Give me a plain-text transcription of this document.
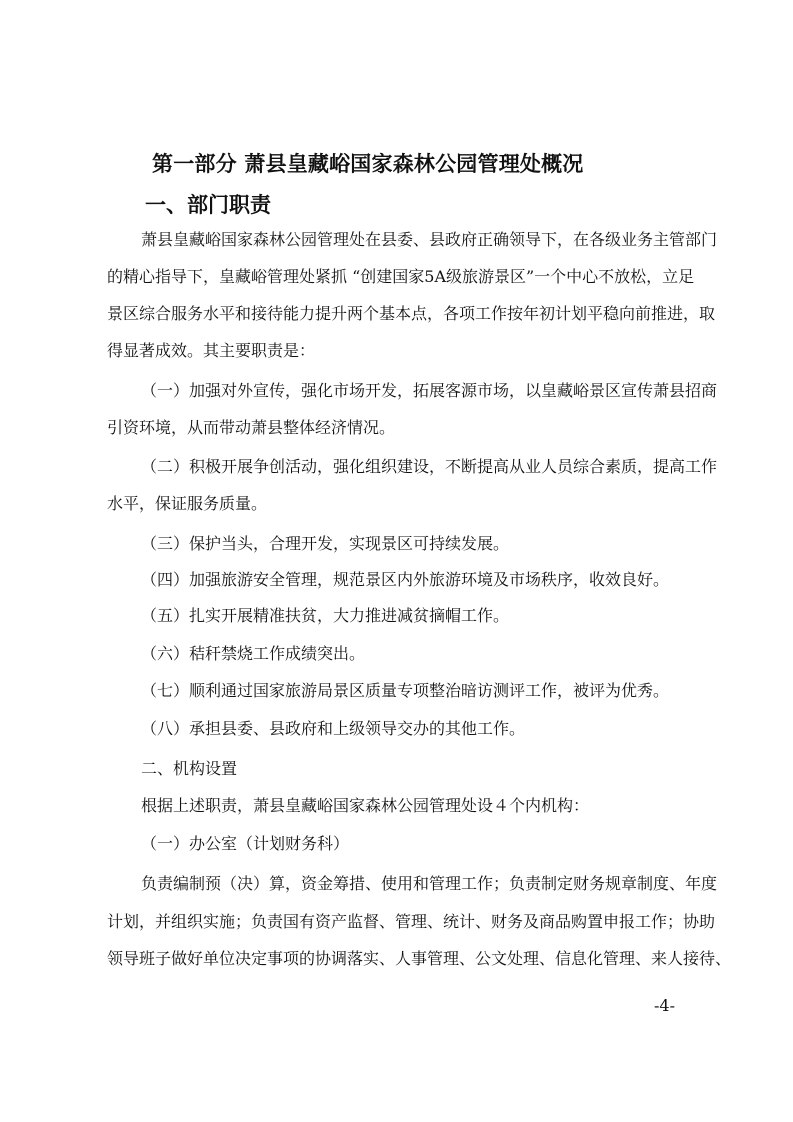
第一部分 萧县皇藏峪国家森林公园管理处概况
一、部门职责
萧县皇藏峪国家森林公园管理处在县委、县政府正确领导下，在各级业务主管部门
的精心指导下，皇藏峪管理处紧抓 “创建国家5A级旅游景区”一个中心不放松，立足
景区综合服务水平和接待能力提升两个基本点，各项工作按年初计划平稳向前推进，取
得显著成效。其主要职责是：
（一）加强对外宣传，强化市场开发，拓展客源市场，以皇藏峪景区宣传萧县招商
引资环境，从而带动萧县整体经济情况。
（二）积极开展争创活动，强化组织建设，不断提高从业人员综合素质，提高工作
水平，保证服务质量。
（三）保护当头，合理开发，实现景区可持续发展。
（四）加强旅游安全管理，规范景区内外旅游环境及市场秩序，收效良好。
（五）扎实开展精准扶贫，大力推进减贫摘帽工作。
（六）秸秆禁烧工作成绩突出。
（七）顺利通过国家旅游局景区质量专项整治暗访测评工作，被评为优秀。
（八）承担县委、县政府和上级领导交办的其他工作。
二、机构设置
根据上述职责，萧县皇藏峪国家森林公园管理处设４个内机构：
（一）办公室（计划财务科）
负责编制预（决）算，资金筹措、使用和管理工作；负责制定财务规章制度、年度
计划，并组织实施；负责国有资产监督、管理、统计、财务及商品购置申报工作；协助
领导班子做好单位决定事项的协调落实、人事管理、公文处理、信息化管理、来人接待、
-4-
